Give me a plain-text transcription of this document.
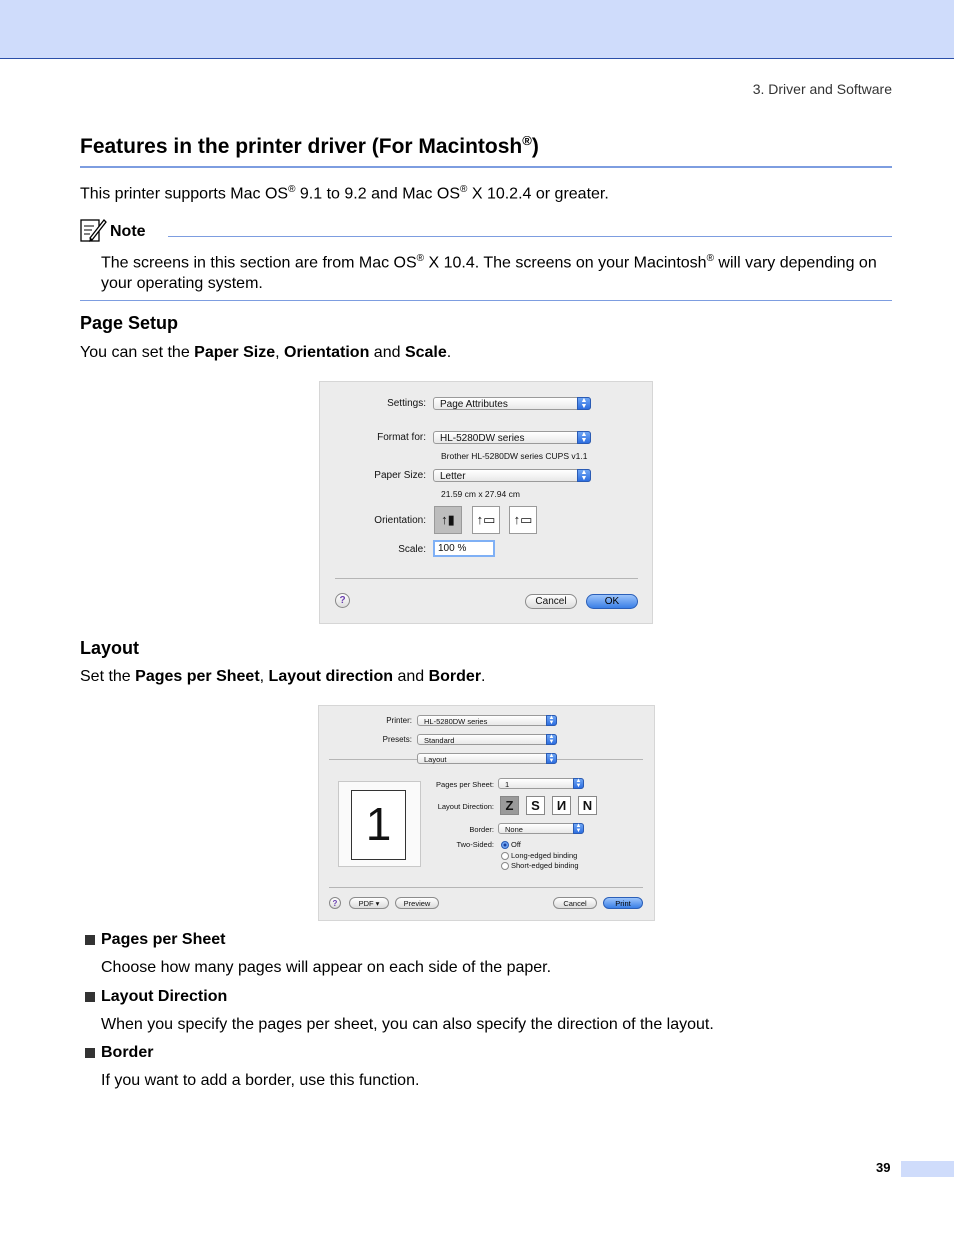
3. Driver and Software
Features in the printer driver (For Macintosh®)
This printer supports Mac OS® 9.1 to 9.2 and Mac OS® X 10.2.4 or greater.
Note
The screens in this section are from Mac OS® X 10.4. The screens on your Macintosh® will vary depending on your operating system.
Page Setup
You can set the Paper Size, Orientation and Scale.
Settings:	Page Attributes	▲
▼
Format for:	HL-5280DW series	▲
▼
Brother HL-5280DW series CUPS v1.1
Paper Size:	Letter	▲
▼
21.59 cm x 27.94 cm
Orientation:	↑▮	↑▭	↑▭
Scale:	100 %
?	Cancel	OK
Layout
Set the Pages per Sheet, Layout direction and Border.
Printer:	HL-5280DW series	▲
▼
Presets:	Standard	▲
▼
Layout	▲
▼
1
Pages per Sheet:	1	▲
▼
Layout Direction: Z	S	И	N
Border:	None	▲
▼
Two-Sided: Off
Long-edged binding
Short-edged binding
?	PDF ▾	Preview	Cancel	Print
Pages per Sheet
Choose how many pages will appear on each side of the paper.
Layout Direction
When you specify the pages per sheet, you can also specify the direction of the layout.
Border
If you want to add a border, use this function.
39
